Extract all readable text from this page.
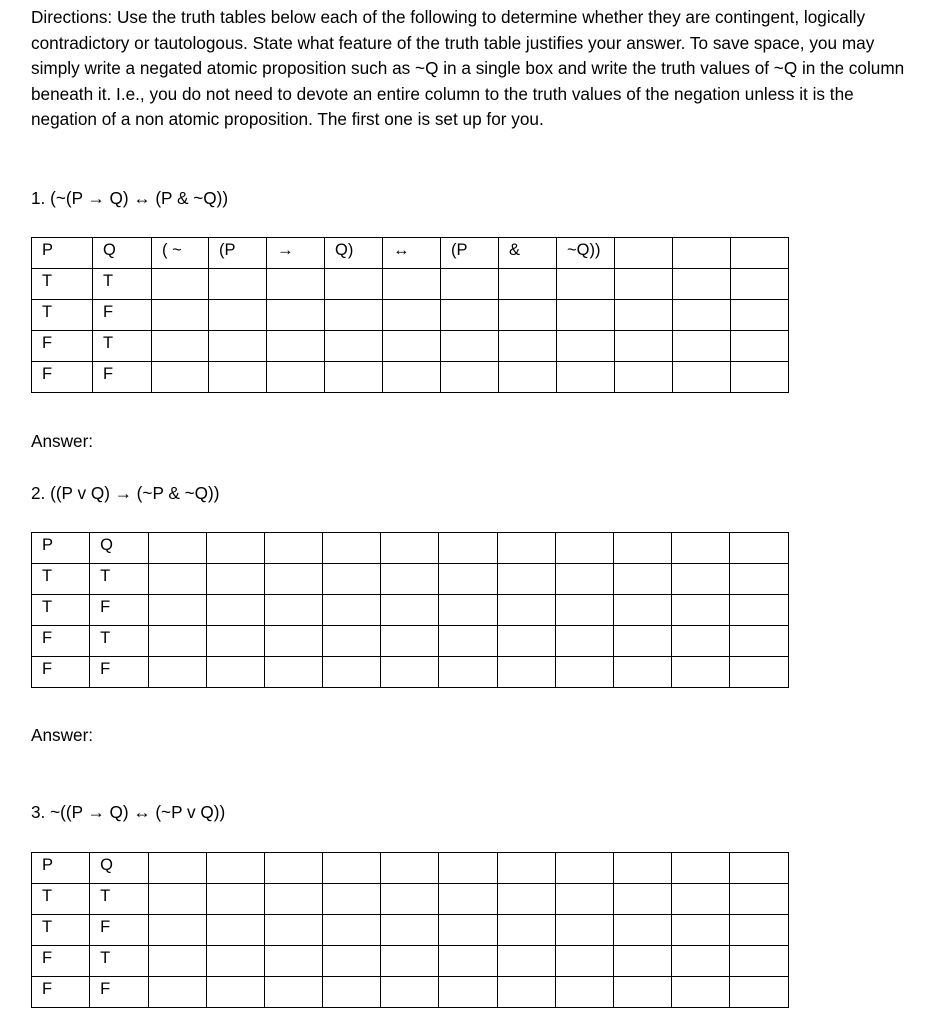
Directions: Use the truth tables below each of the following to determine whether they are contingent, logically contradictory or tautologous. State what feature of the truth table justifies your answer. To save space, you may simply write a negated atomic proposition such as ~Q in a single box and write the truth values of ~Q in the column beneath it. I.e., you do not need to devote an entire column to the truth values of the negation unless it is the negation of a non atomic proposition. The first one is set up for you.

1. (~(P → Q) ↔ (P & ~Q))

P	Q	( ~	(P	→	Q)	↔	(P	&	~Q))			
T	T											
T	F											
F	T											
F	F											

Answer:

2. ((P v Q) → (~P & ~Q))

P	Q											
T	T											
T	F											
F	T											
F	F											

Answer:

3. ~((P → Q) ↔ (~P v Q))

P	Q											
T	T											
T	F											
F	T											
F	F											
